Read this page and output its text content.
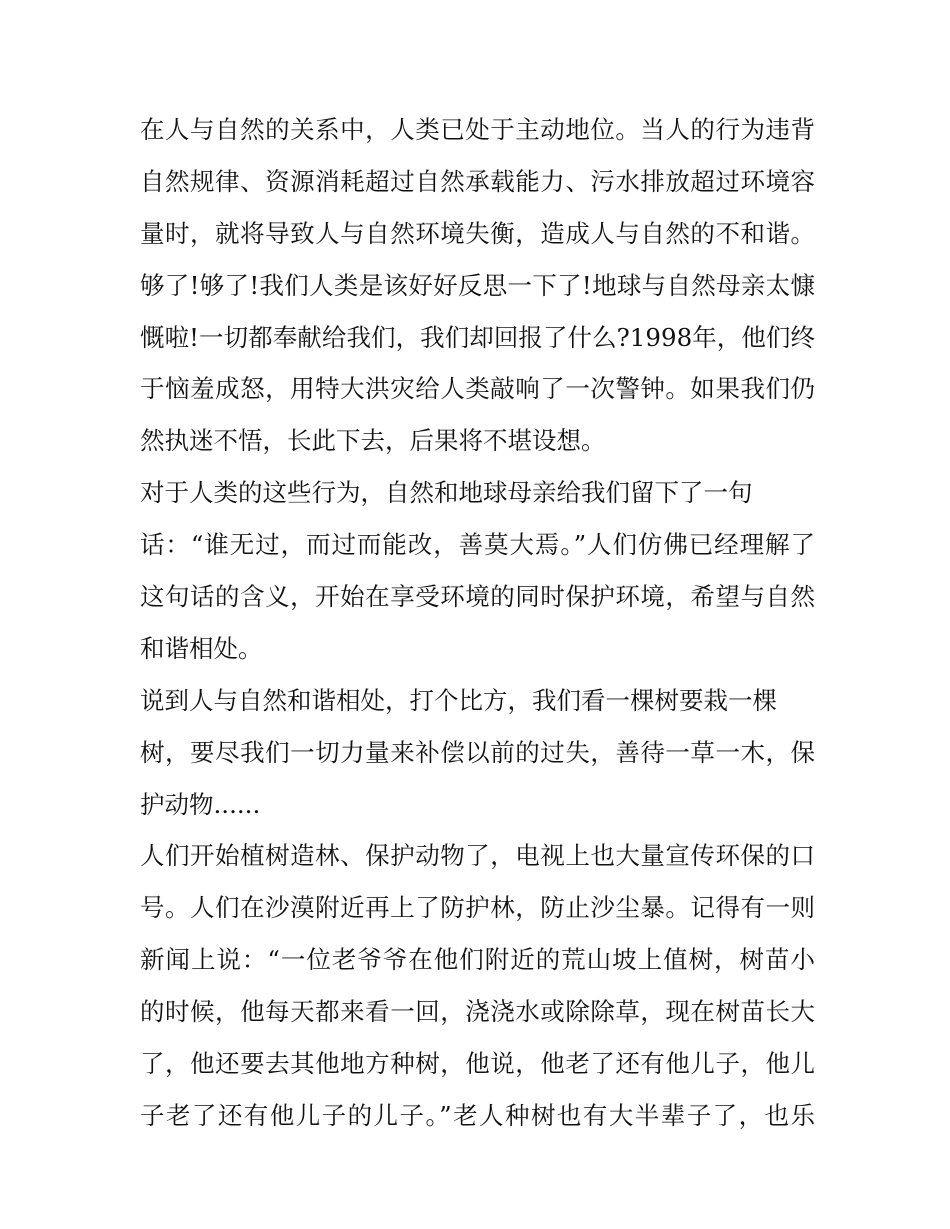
在人与自然的关系中，人类已处于主动地位。当人的行为违背
自然规律、资源消耗超过自然承载能力、污水排放超过环境容
量时，就将导致人与自然环境失衡，造成人与自然的不和谐。
够了!够了!我们人类是该好好反思一下了!地球与自然母亲太慷
慨啦!一切都奉献给我们，我们却回报了什么?1998年，他们终
于恼羞成怒，用特大洪灾给人类敲响了一次警钟。如果我们仍
然执迷不悟，长此下去，后果将不堪设想。
对于人类的这些行为，自然和地球母亲给我们留下了一句
话：“谁无过，而过而能改，善莫大焉。”人们仿佛已经理解了
这句话的含义，开始在享受环境的同时保护环境，希望与自然
和谐相处。
说到人与自然和谐相处，打个比方，我们看一棵树要栽一棵
树，要尽我们一切力量来补偿以前的过失，善待一草一木，保
护动物......
人们开始植树造林、保护动物了，电视上也大量宣传环保的口
号。人们在沙漠附近再上了防护林，防止沙尘暴。记得有一则
新闻上说：“一位老爷爷在他们附近的荒山坡上值树，树苗小
的时候，他每天都来看一回，浇浇水或除除草，现在树苗长大
了，他还要去其他地方种树，他说，他老了还有他儿子，他儿
子老了还有他儿子的儿子。”老人种树也有大半辈子了，也乐
